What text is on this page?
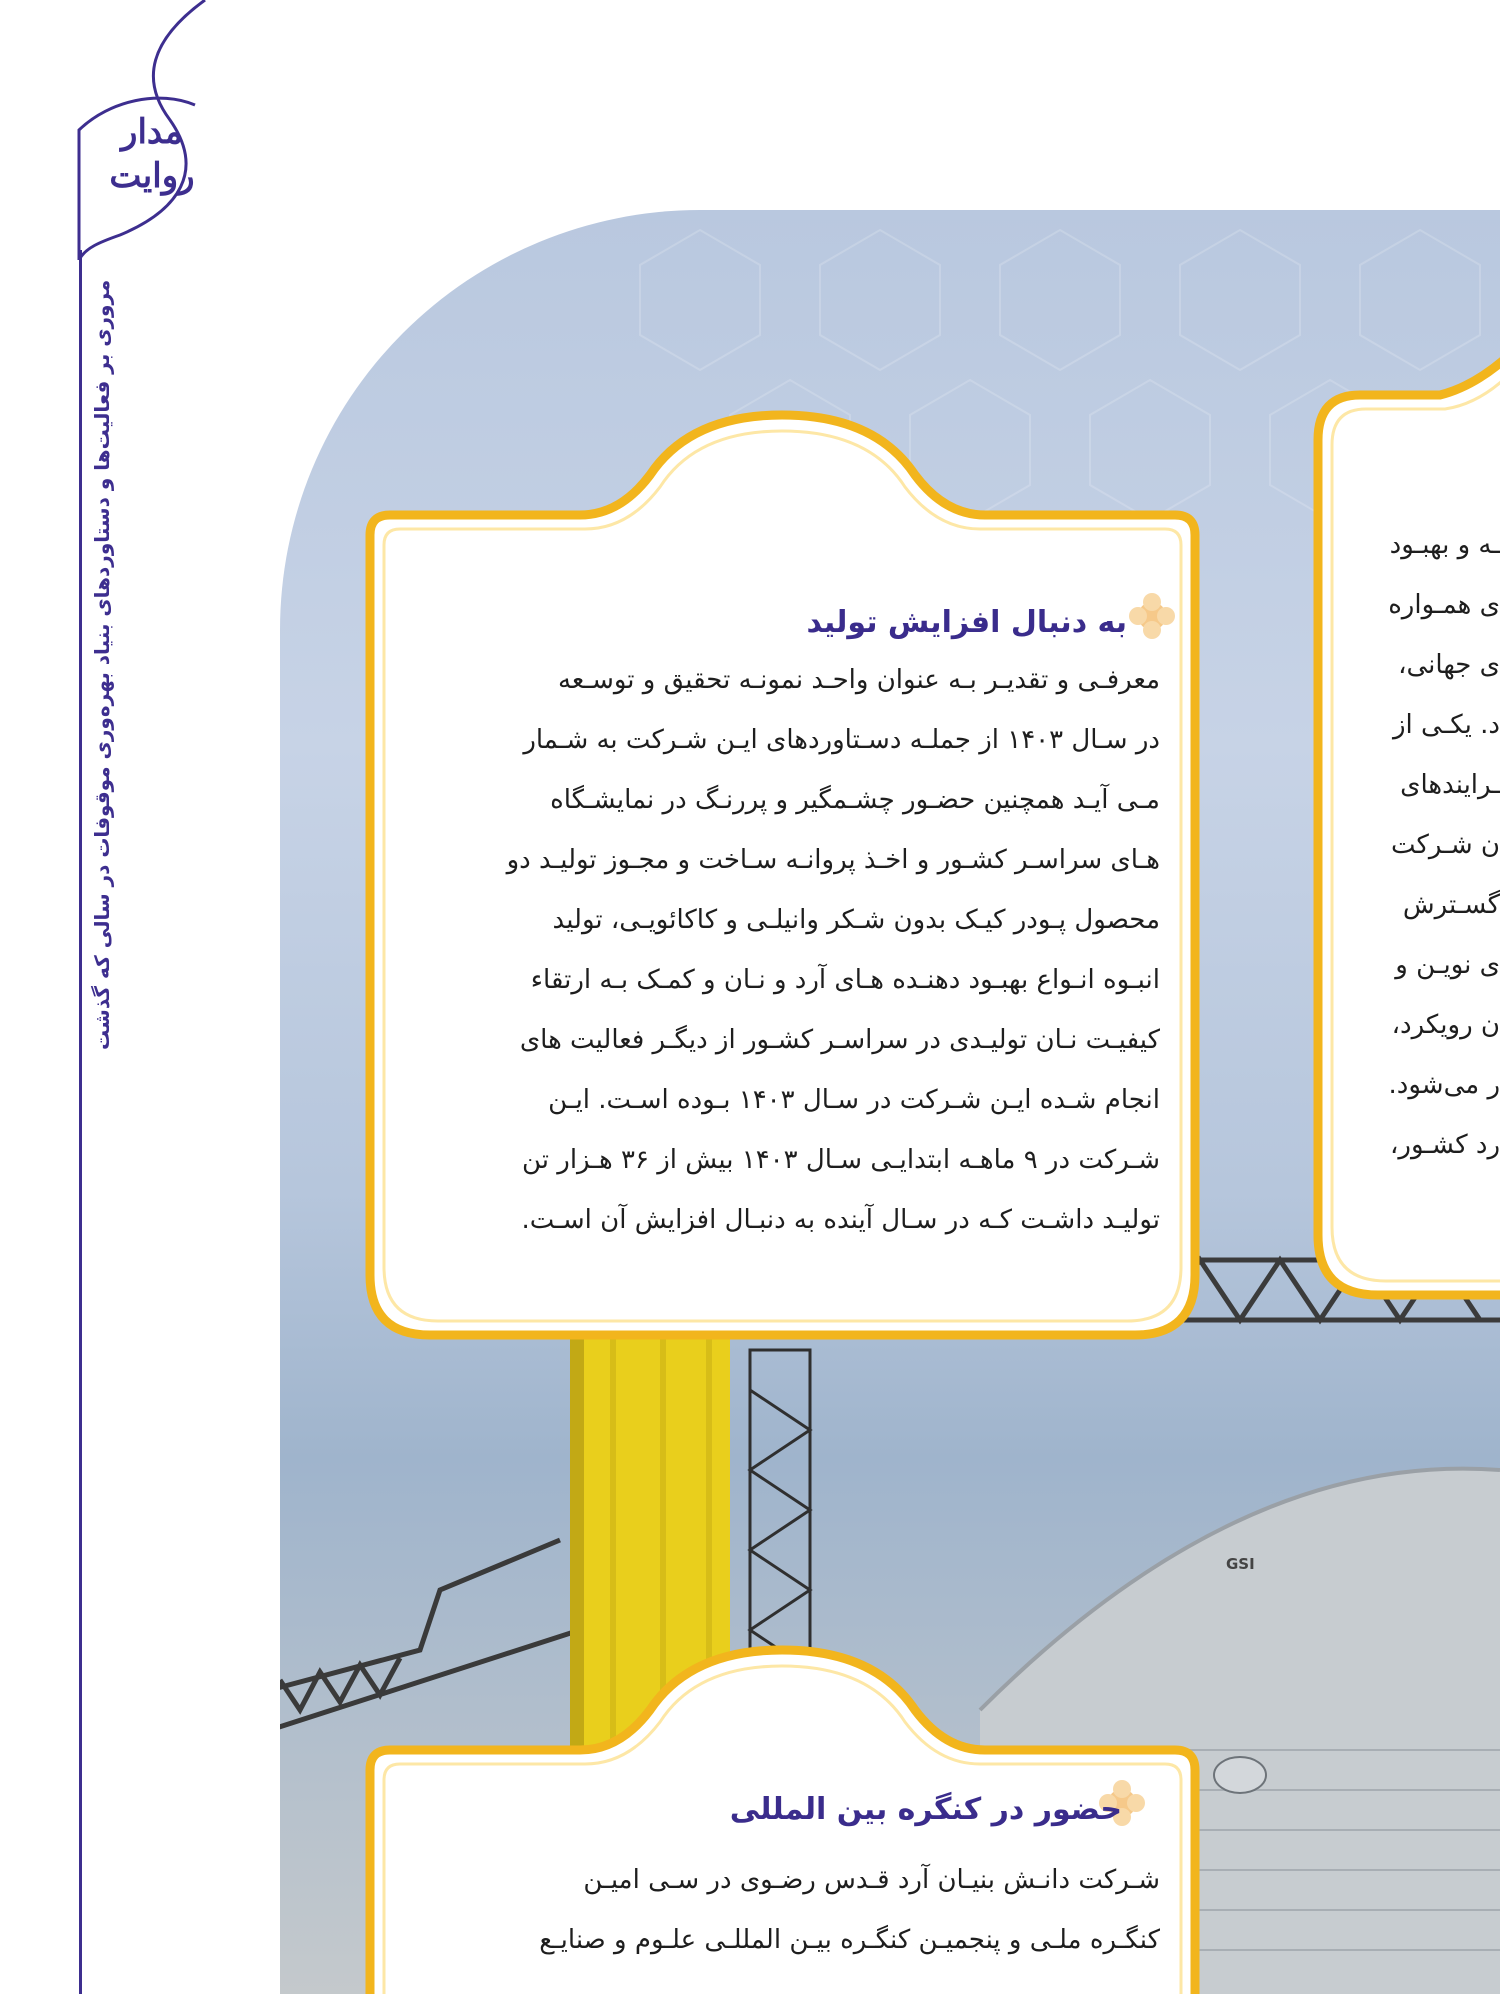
مدار روایت
مروری بر فعالیت‌ها و دستاوردهای بنیاد بهره‌وری موقوفات در سالی که گذشت
GSI
به دنبال افزایش تولید
معرفـی و تقدیـر بـه عنوان واحـد نمونـه تحقیق و توسـعه
در سـال ۱۴۰۳ از جملـه دسـتاوردهای ایـن شـرکت به شـمار
مـی آیـد همچنین حضـور چشـمگیر و پررنـگ در نمایشـگاه
هـای سراسـر کشـور و اخـذ پروانـه سـاخت و مجـوز تولیـد دو
محصول پـودر کیـک بدون شـکر وانیلـی و کاکائویـی، تولید
انبـوه انـواع بهبـود دهنـده هـای آرد و نـان و کمـک بـه ارتقاء
کیفیـت نـان تولیـدی در سراسـر کشـور از دیگـر فعالیت های
انجام شـده ایـن شـرکت در سـال ۱۴۰۳ بـوده اسـت. ایـن
شـرکت در ۹ ماهـه ابتدایـی سـال ۱۴۰۳ بیش از ۳۶ هـزار تن
تولیـد داشـت کـه در سـال آینده به دنبـال افزایش آن اسـت.
ـه و بهبـود
ی همـواره
ی جهانی،
د. یکـی از
ـرایندهای
ن شـرکت
گسـترش
ی نویـن و
ن رویکرد،
ر می‌شود.
رد کشـور،
حضور در کنگره بین المللی
شـرکت دانـش بنیـان آرد قـدس رضـوی در سـی امیـن
کنگـره ملـی و پنجمیـن کنگـره بیـن المللـی علـوم و صنایـع
